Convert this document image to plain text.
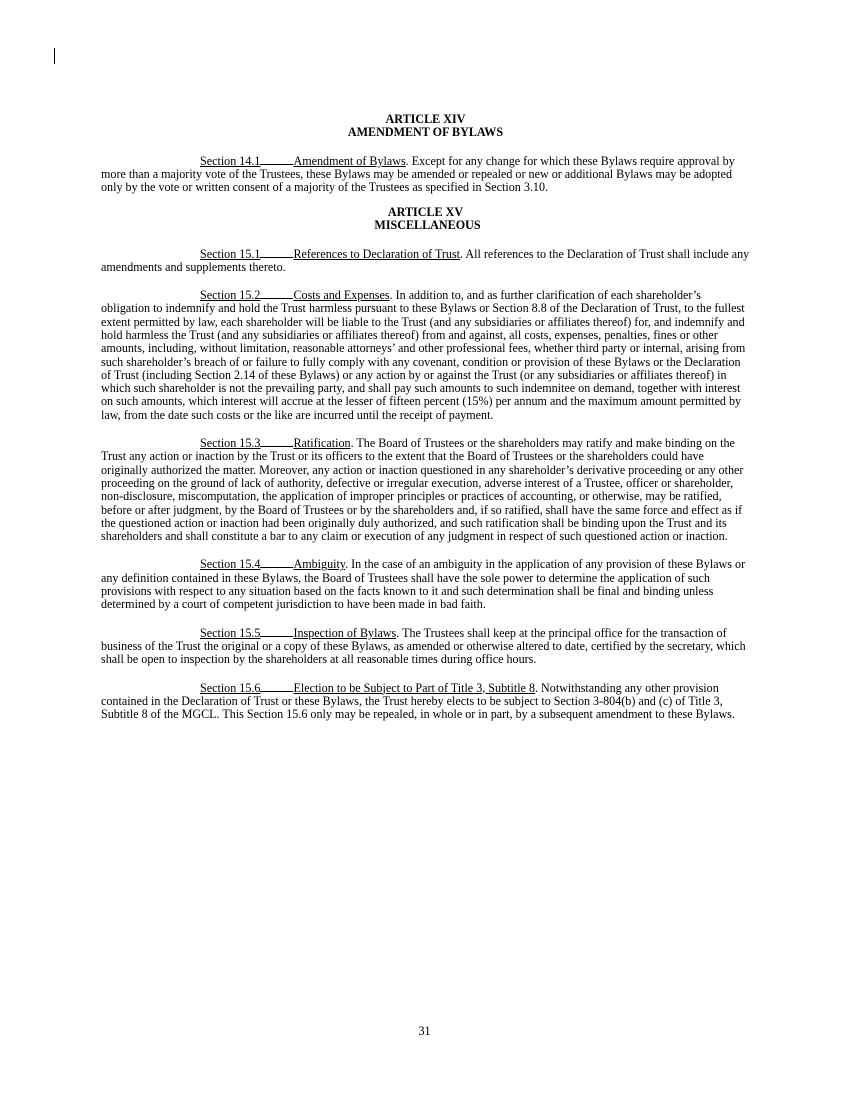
ARTICLE XIV
AMENDMENT OF BYLAWS

Section 14.1	Amendment of Bylaws. Except for any change for which these Bylaws require approval by more than a majority vote of the Trustees, these Bylaws may be amended or repealed or new or additional Bylaws may be adopted only by the vote or written consent of a majority of the Trustees as specified in Section 3.10.

ARTICLE XV
MISCELLANEOUS

Section 15.1	References to Declaration of Trust. All references to the Declaration of Trust shall include any amendments and supplements thereto.

Section 15.2	Costs and Expenses. In addition to, and as further clarification of each shareholder’s obligation to indemnify and hold the Trust harmless pursuant to these Bylaws or Section 8.8 of the Declaration of Trust, to the fullest extent permitted by law, each shareholder will be liable to the Trust (and any subsidiaries or affiliates thereof) for, and indemnify and hold harmless the Trust (and any subsidiaries or affiliates thereof) from and against, all costs, expenses, penalties, fines or other amounts, including, without limitation, reasonable attorneys’ and other professional fees, whether third party or internal, arising from such shareholder’s breach of or failure to fully comply with any covenant, condition or provision of these Bylaws or the Declaration of Trust (including Section 2.14 of these Bylaws) or any action by or against the Trust (or any subsidiaries or affiliates thereof) in which such shareholder is not the prevailing party, and shall pay such amounts to such indemnitee on demand, together with interest on such amounts, which interest will accrue at the lesser of fifteen percent (15%) per annum and the maximum amount permitted by law, from the date such costs or the like are incurred until the receipt of payment.

Section 15.3	Ratification. The Board of Trustees or the shareholders may ratify and make binding on the Trust any action or inaction by the Trust or its officers to the extent that the Board of Trustees or the shareholders could have originally authorized the matter. Moreover, any action or inaction questioned in any shareholder’s derivative proceeding or any other proceeding on the ground of lack of authority, defective or irregular execution, adverse interest of a Trustee, officer or shareholder, non-disclosure, miscomputation, the application of improper principles or practices of accounting, or otherwise, may be ratified, before or after judgment, by the Board of Trustees or by the shareholders and, if so ratified, shall have the same force and effect as if the questioned action or inaction had been originally duly authorized, and such ratification shall be binding upon the Trust and its shareholders and shall constitute a bar to any claim or execution of any judgment in respect of such questioned action or inaction.

Section 15.4	Ambiguity. In the case of an ambiguity in the application of any provision of these Bylaws or any definition contained in these Bylaws, the Board of Trustees shall have the sole power to determine the application of such provisions with respect to any situation based on the facts known to it and such determination shall be final and binding unless determined by a court of competent jurisdiction to have been made in bad faith.

Section 15.5	Inspection of Bylaws. The Trustees shall keep at the principal office for the transaction of business of the Trust the original or a copy of these Bylaws, as amended or otherwise altered to date, certified by the secretary, which shall be open to inspection by the shareholders at all reasonable times during office hours.

Section 15.6	Election to be Subject to Part of Title 3, Subtitle 8. Notwithstanding any other provision contained in the Declaration of Trust or these Bylaws, the Trust hereby elects to be subject to Section 3-804(b) and (c) of Title 3, Subtitle 8 of the MGCL. This Section 15.6 only may be repealed, in whole or in part, by a subsequent amendment to these Bylaws.

31
